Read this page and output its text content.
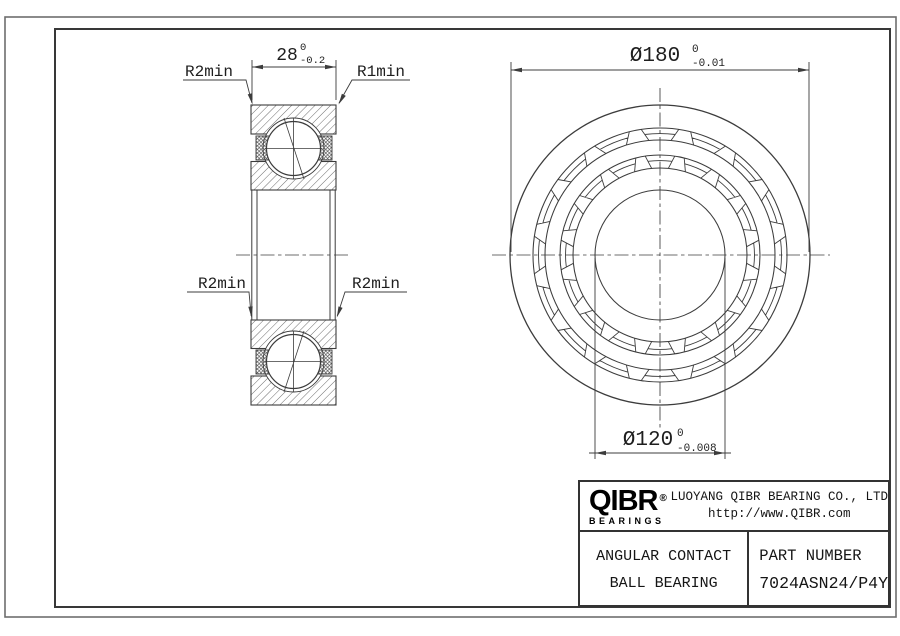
28 0
-0.2
R2min	R1min
R2min	R2min
Ø180 0
-0.01
Ø120 0
-0.008
QIBR ®
BEARINGS
LUOYANG QIBR BEARING CO., LTD
http://www.QIBR.com
ANGULAR CONTACT
BALL BEARING
PART NUMBER
7024ASN24/P4Y
